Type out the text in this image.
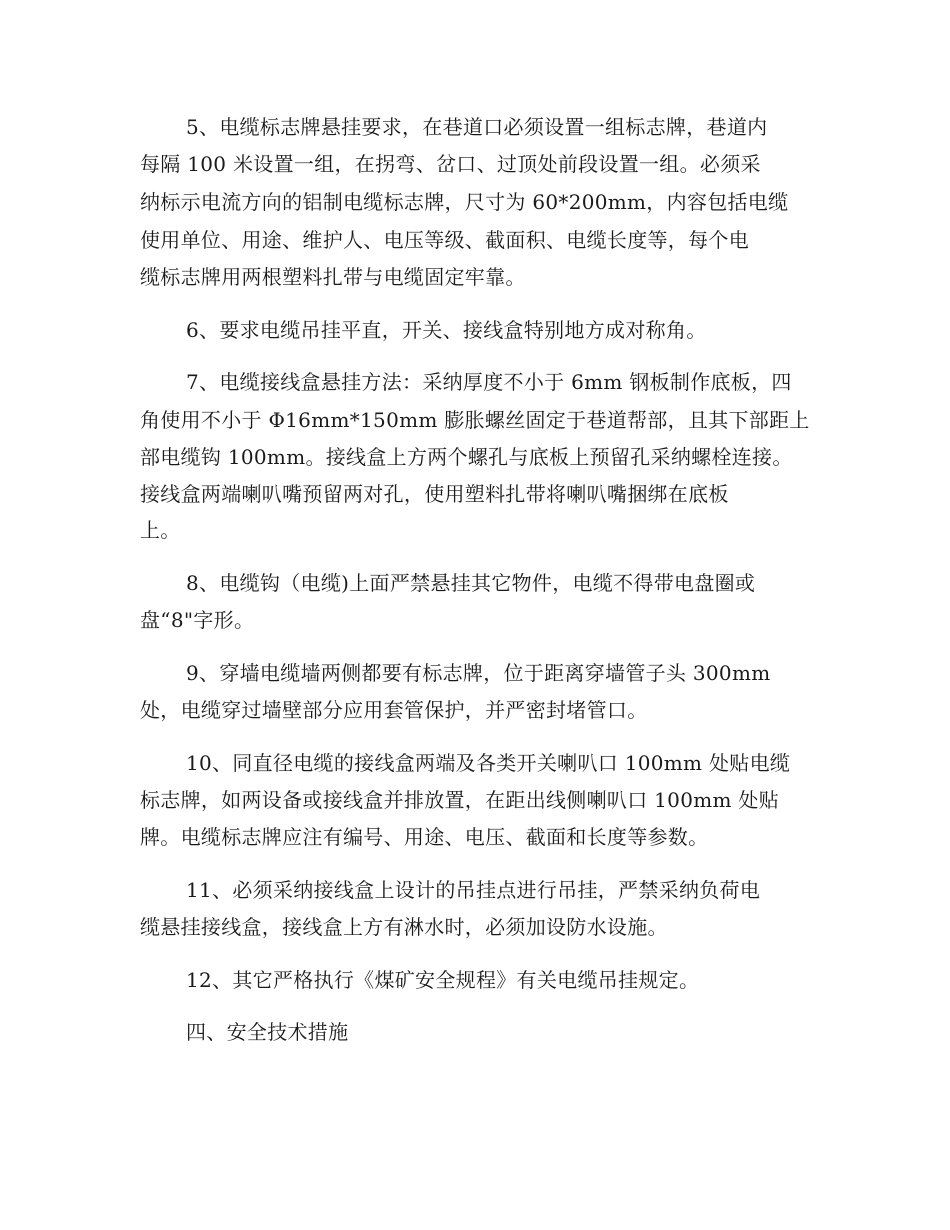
5、电缆标志牌悬挂要求，在巷道口必须设置一组标志牌，巷道内
每隔 100 米设置一组，在拐弯、岔口、过顶处前段设置一组。必须采
纳标示电流方向的铝制电缆标志牌，尺寸为 60*200mm，内容包括电缆
使用单位、用途、维护人、电压等级、截面积、电缆长度等，每个电
缆标志牌用两根塑料扎带与电缆固定牢靠。
6、要求电缆吊挂平直，开关、接线盒特别地方成对称角。
7、电缆接线盒悬挂方法：采纳厚度不小于 6mm 钢板制作底板，四
角使用不小于 Φ16mm*150mm 膨胀螺丝固定于巷道帮部，且其下部距上
部电缆钩 100mm。接线盒上方两个螺孔与底板上预留孔采纳螺栓连接。
接线盒两端喇叭嘴预留两对孔，使用塑料扎带将喇叭嘴捆绑在底板
上。
8、电缆钩（电缆)上面严禁悬挂其它物件，电缆不得带电盘圈或
盘“8"字形。
9、穿墙电缆墙两侧都要有标志牌，位于距离穿墙管子头 300mm
处，电缆穿过墙壁部分应用套管保护，并严密封堵管口。
10、同直径电缆的接线盒两端及各类开关喇叭口 100mm 处贴电缆
标志牌，如两设备或接线盒并排放置，在距出线侧喇叭口 100mm 处贴
牌。电缆标志牌应注有编号、用途、电压、截面和长度等参数。
11、必须采纳接线盒上设计的吊挂点进行吊挂，严禁采纳负荷电
缆悬挂接线盒，接线盒上方有淋水时，必须加设防水设施。
12、其它严格执行《煤矿安全规程》有关电缆吊挂规定。
四、安全技术措施
